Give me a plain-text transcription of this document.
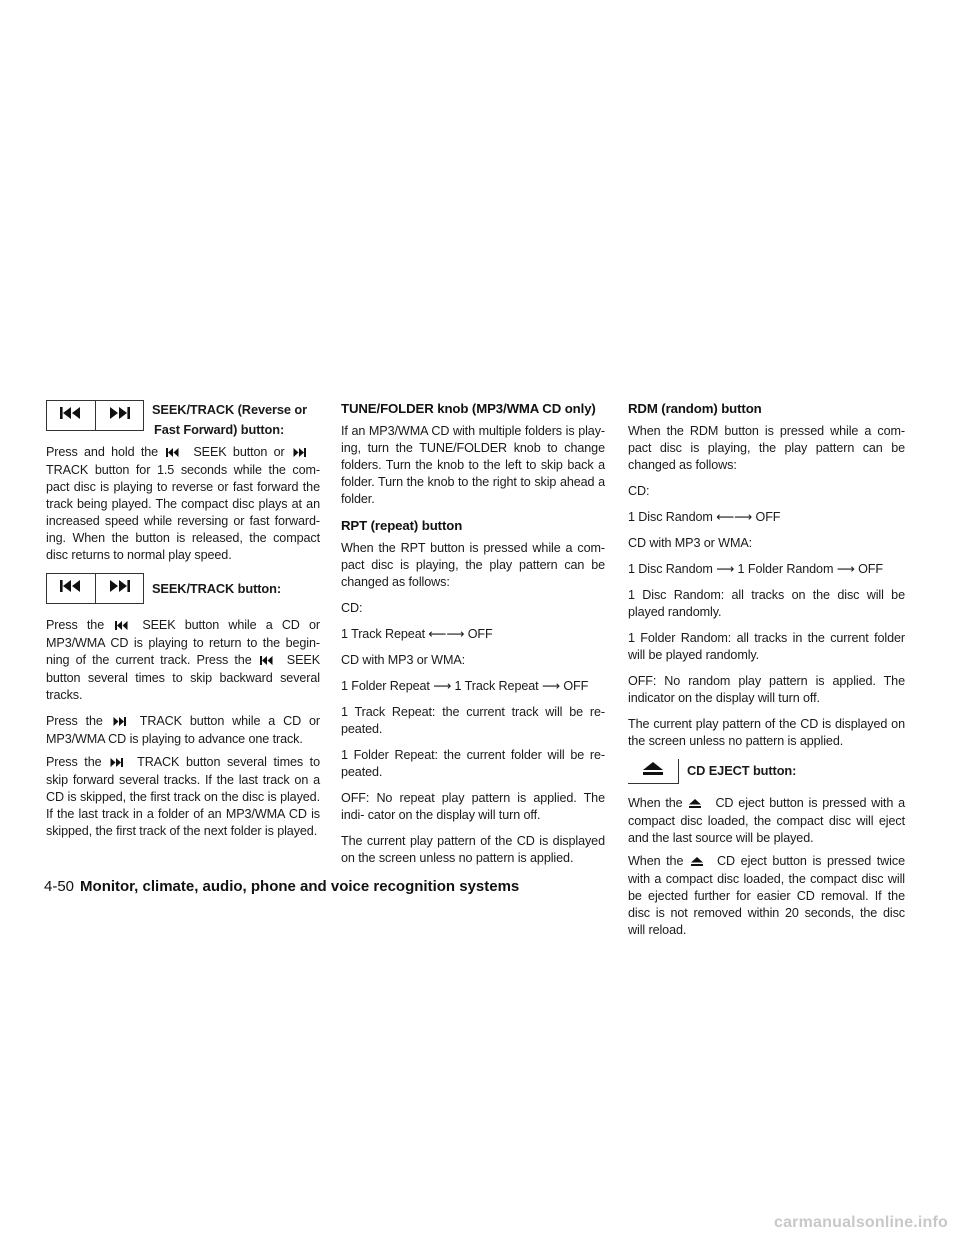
SEEK/TRACK (Reverse or
Fast Forward) button:

Press and hold the	SEEK button or  TRACK button for 1.5 seconds while the com- pact disc is playing to reverse or fast forward the track being played. The compact disc plays at an increased speed while reversing or fast forward- ing. When the button is released, the compact disc returns to normal play speed.

SEEK/TRACK button:

Press the	SEEK button while a CD or MP3/WMA CD is playing to return to the begin- ning of the current track. Press the	SEEK button several times to skip backward several tracks.

Press the	TRACK button while a CD or MP3/WMA CD is playing to advance one track.

Press the	TRACK button several times to skip forward several tracks. If the last track on a CD is skipped, the first track on the disc is played. If the last track in a folder of an MP3/WMA CD is skipped, the first track of the next folder is played.

TUNE/FOLDER knob (MP3/WMA CD only)

If an MP3/WMA CD with multiple folders is play- ing, turn the TUNE/FOLDER knob to change folders. Turn the knob to the left to skip back a folder. Turn the knob to the right to skip ahead a folder.

RPT (repeat) button

When the RPT button is pressed while a com- pact disc is playing, the play pattern can be changed as follows:

CD:

1 Track Repeat ⟵⟶ OFF

CD with MP3 or WMA:

1 Folder Repeat ⟶ 1 Track Repeat ⟶ OFF

1 Track Repeat: the current track will be re- peated.

1 Folder Repeat: the current folder will be re- peated.

OFF: No repeat play pattern is applied. The indi- cator on the display will turn off.

The current play pattern of the CD is displayed on the screen unless no pattern is applied.

RDM (random) button

When the RDM button is pressed while a com- pact disc is playing, the play pattern can be changed as follows:

CD:

1 Disc Random ⟵⟶ OFF

CD with MP3 or WMA:

1 Disc Random ⟶ 1 Folder Random ⟶ OFF

1 Disc Random: all tracks on the disc will be played randomly.

1 Folder Random: all tracks in the current folder will be played randomly.

OFF: No random play pattern is applied. The indicator on the display will turn off.

The current play pattern of the CD is displayed on the screen unless no pattern is applied.

CD EJECT button:

When the	CD eject button is pressed with a compact disc loaded, the compact disc will eject and the last source will be played.

When the	CD eject button is pressed twice with a compact disc loaded, the compact disc will be ejected further for easier CD removal. If the disc is not removed within 20 seconds, the disc will reload.

4-50 Monitor, climate, audio, phone and voice recognition systems
carmanualsonline.info
